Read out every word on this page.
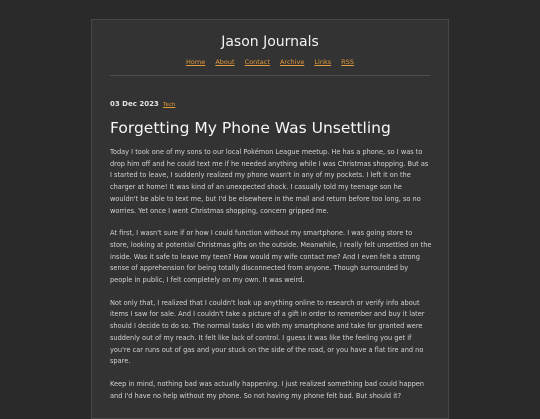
Jason Journals
Home About Contact Archive Links RSS
03 Dec 2023 Tech
Forgetting My Phone Was Unsettling

Today I took one of my sons to our local Pokémon League meetup. He has a phone, so I was to drop him off and he could text me if he needed anything while I was Christmas shopping. But as I started to leave, I suddenly realized my phone wasn't in any of my pockets. I left it on the charger at home! It was kind of an unexpected shock. I casually told my teenage son he wouldn't be able to text me, but I'd be elsewhere in the mall and return before too long, so no worries. Yet once I went Christmas shopping, concern gripped me.

At first, I wasn't sure if or how I could function without my smartphone. I was going store to store, looking at potential Christmas gifts on the outside. Meanwhile, I really felt unsettled on the inside. Was it safe to leave my teen? How would my wife contact me? And I even felt a strong sense of apprehension for being totally disconnected from anyone. Though surrounded by people in public, I felt completely on my own. It was weird.

Not only that, I realized that I couldn't look up anything online to research or verify info about items I saw for sale. And I couldn't take a picture of a gift in order to remember and buy it later should I decide to do so. The normal tasks I do with my smartphone and take for granted were suddenly out of my reach. It felt like lack of control. I guess it was like the feeling you get if you're car runs out of gas and your stuck on the side of the road, or you have a flat tire and no spare.

Keep in mind, nothing bad was actually happening. I just realized something bad could happen and I'd have no help without my phone. So not having my phone felt bad. But should it?
